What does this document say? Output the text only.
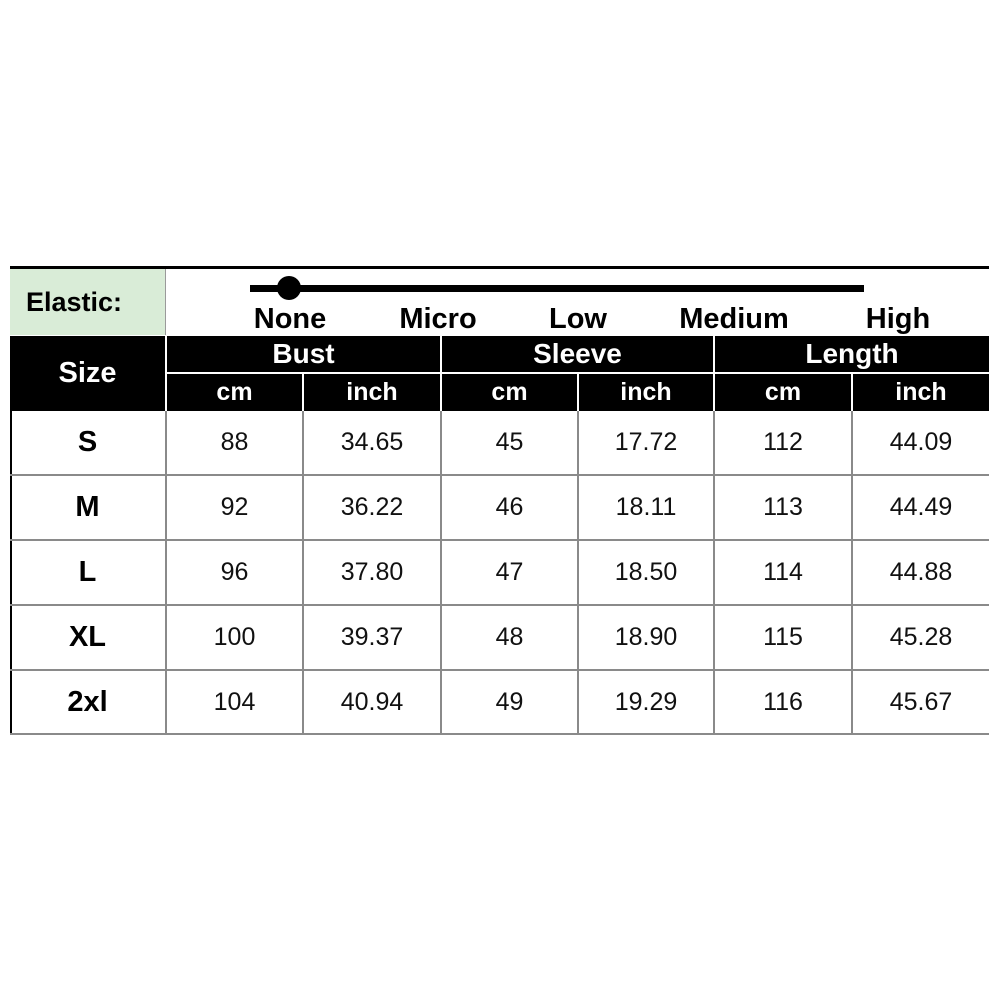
Elastic:
None	Micro Low Medium	High
Size
Bust	Sleeve	Length
cm	inch	cm	inch	cm	inch
S	88	34.65	45	17.72	112	44.09
M	92	36.22	46	18.11	113	44.49
L	96	37.80	47	18.50	114	44.88
XL	100	39.37	48	18.90	115	45.28
2xl	104	40.94	49	19.29	116	45.67
